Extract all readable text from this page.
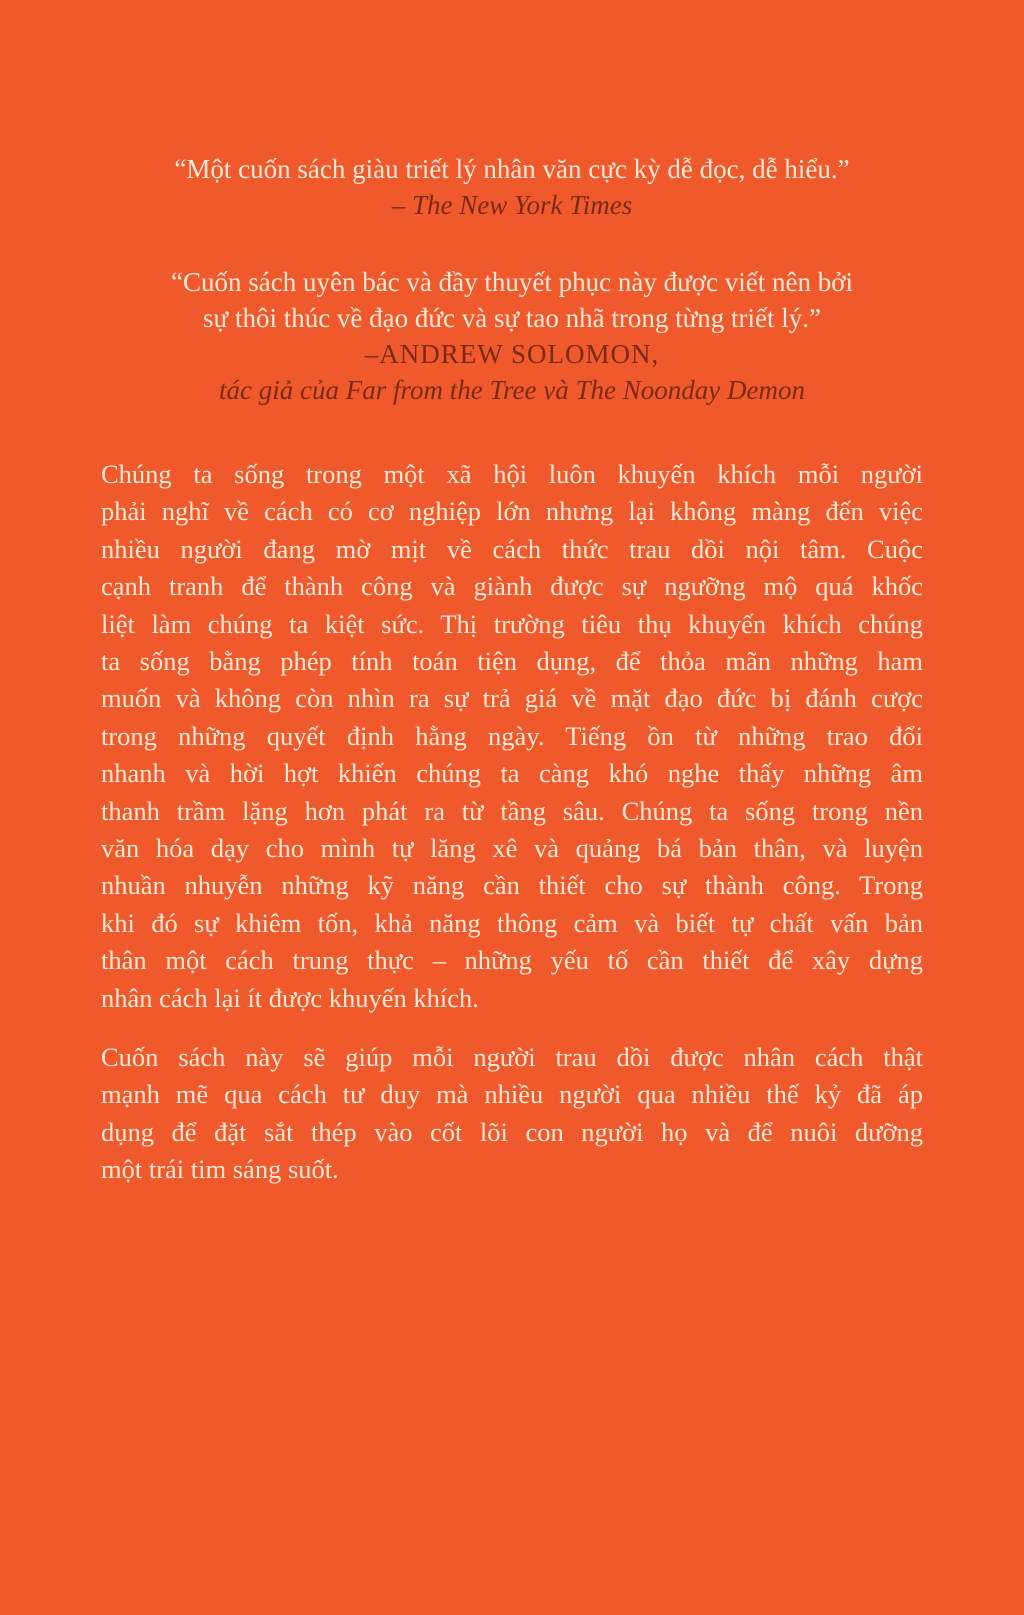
“Một cuốn sách giàu triết lý nhân văn cực kỳ dễ đọc, dễ hiểu.”
– The New York Times
“Cuốn sách uyên bác và đầy thuyết phục này được viết nên bởi
sự thôi thúc về đạo đức và sự tao nhã trong từng triết lý.”
–ANDREW SOLOMON,
tác giả của Far from the Tree và The Noonday Demon
Chúng ta sống trong một xã hội luôn khuyến khích mỗi người
phải nghĩ về cách có cơ nghiệp lớn nhưng lại không màng đến việc
nhiều người đang mờ mịt về cách thức trau dồi nội tâm. Cuộc
cạnh tranh để thành công và giành được sự ngưỡng mộ quá khốc
liệt làm chúng ta kiệt sức. Thị trường tiêu thụ khuyến khích chúng
ta sống bằng phép tính toán tiện dụng, để thỏa mãn những ham
muốn và không còn nhìn ra sự trả giá về mặt đạo đức bị đánh cược
trong những quyết định hằng ngày. Tiếng ồn từ những trao đổi
nhanh và hời hợt khiến chúng ta càng khó nghe thấy những âm
thanh trầm lặng hơn phát ra từ tầng sâu. Chúng ta sống trong nền
văn hóa dạy cho mình tự lăng xê và quảng bá bản thân, và luyện
nhuần nhuyễn những kỹ năng cần thiết cho sự thành công. Trong
khi đó sự khiêm tốn, khả năng thông cảm và biết tự chất vấn bản
thân một cách trung thực – những yếu tố cần thiết để xây dựng
nhân cách lại ít được khuyến khích.
Cuốn sách này sẽ giúp mỗi người trau dồi được nhân cách thật
mạnh mẽ qua cách tư duy mà nhiều người qua nhiều thế kỷ đã áp
dụng để đặt sắt thép vào cốt lõi con người họ và để nuôi dưỡng
một trái tim sáng suốt.
